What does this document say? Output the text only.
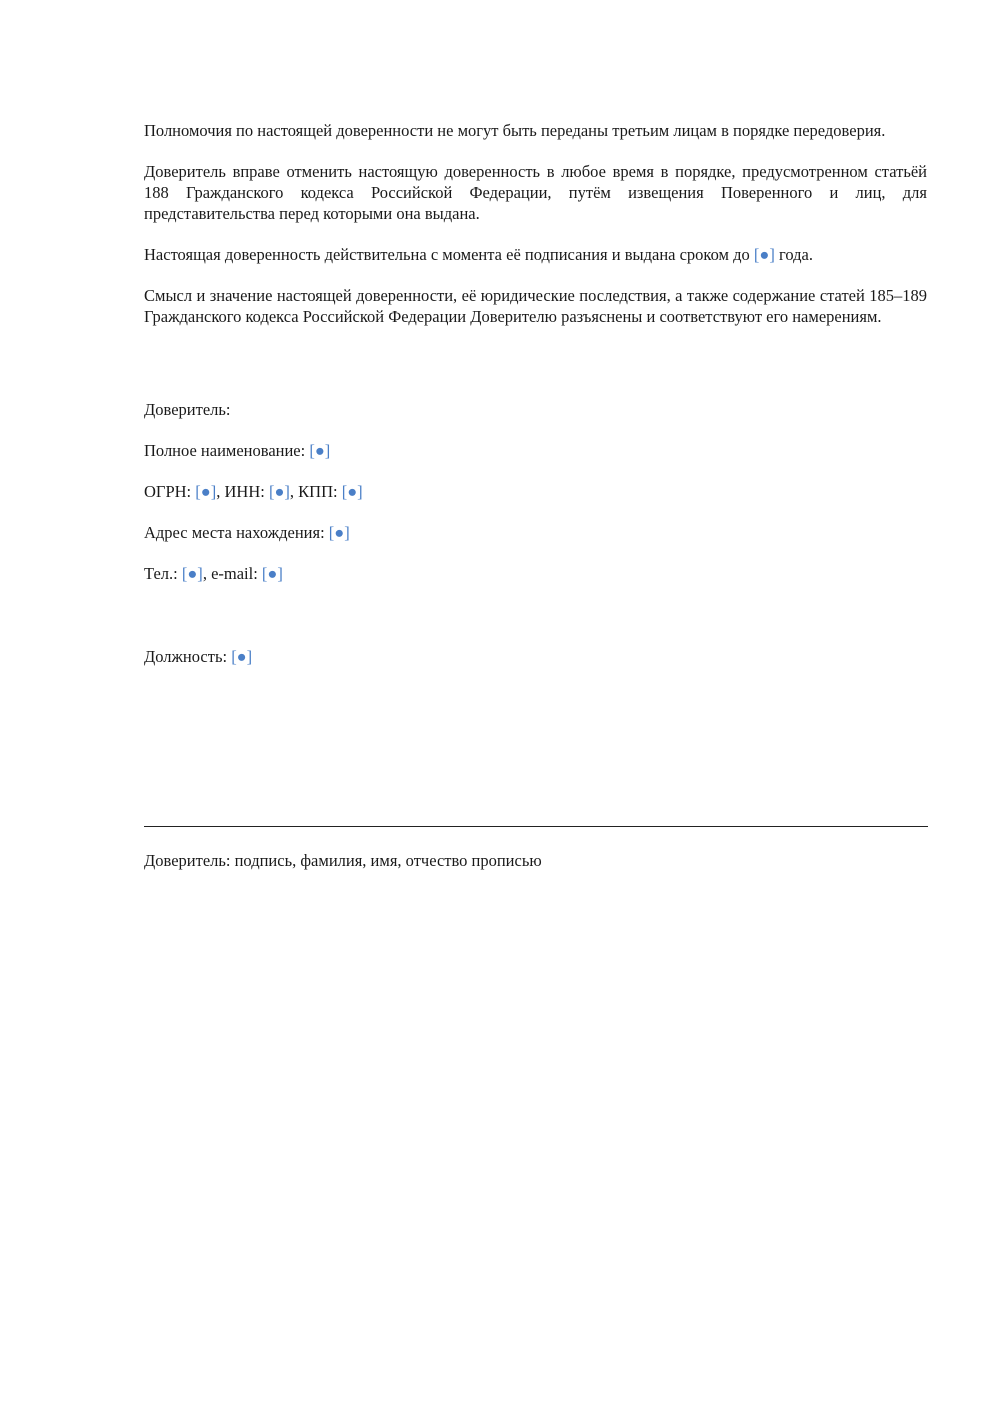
Полномочия по настоящей доверенности не могут быть переданы третьим лицам в порядке передоверия.

Доверитель вправе отменить настоящую доверенность в любое время в порядке, предусмотренном статьёй 188 Гражданского кодекса Российской Федерации, путём извещения Поверенного и лиц, для представительства перед которыми она выдана.

Настоящая доверенность действительна с момента её подписания и выдана сроком до [●] года.

Смысл и значение настоящей доверенности, её юридические последствия, а также содержание статей 185–189 Гражданского кодекса Российской Федерации Доверителю разъяснены и соответствуют его намерениям.

Доверитель:

Полное наименование: [●]

ОГРН: [●], ИНН: [●], КПП: [●]

Адрес места нахождения: [●]

Тел.: [●], e-mail: [●]

Должность: [●]

Доверитель: подпись, фамилия, имя, отчество прописью
